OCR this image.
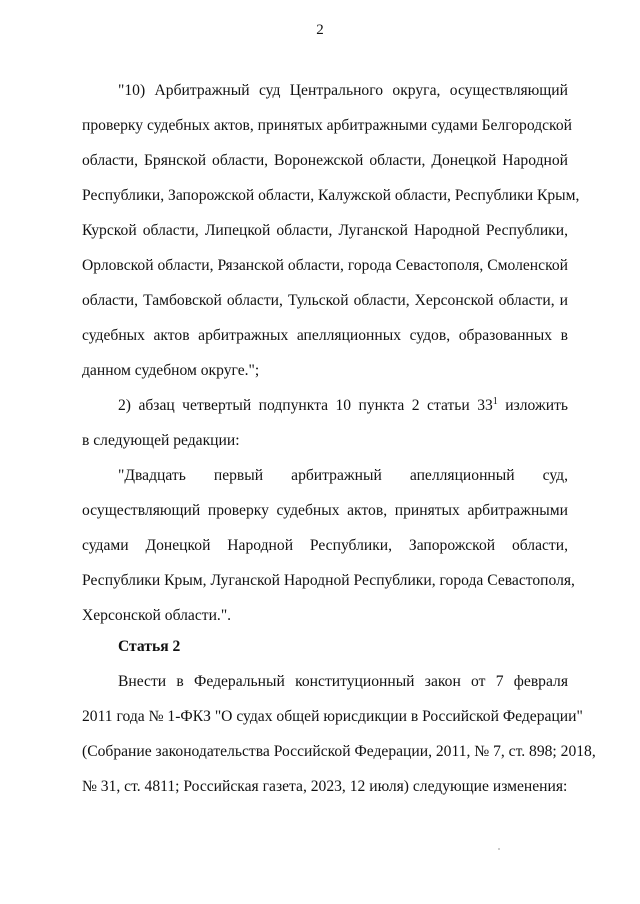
2
"10) Арбитражный суд Центрального округа, осуществляющий
проверку судебных актов, принятых арбитражными судами Белгородской
области, Брянской области, Воронежской области, Донецкой Народной
Республики, Запорожской области, Калужской области, Республики Крым,
Курской области, Липецкой области, Луганской Народной Республики,
Орловской области, Рязанской области, города Севастополя, Смоленской
области, Тамбовской области, Тульской области, Херсонской области, и
судебных актов арбитражных апелляционных судов, образованных в
данном судебном округе.";
2) абзац четвертый подпункта 10 пункта 2 статьи $33^1$ изложить
в следующей редакции:
"Двадцать первый арбитражный апелляционный суд,
осуществляющий проверку судебных актов, принятых арбитражными
судами Донецкой Народной Республики, Запорожской области,
Республики Крым, Луганской Народной Республики, города Севастополя,
Херсонской области.".
Статья 2
Внести в Федеральный конституционный закон от 7 февраля
2011 года № 1-ФКЗ "О судах общей юрисдикции в Российской Федерации"
(Собрание законодательства Российской Федерации, 2011, № 7, ст. 898; 2018,
№ 31, ст. 4811; Российская газета, 2023, 12 июля) следующие изменения:
